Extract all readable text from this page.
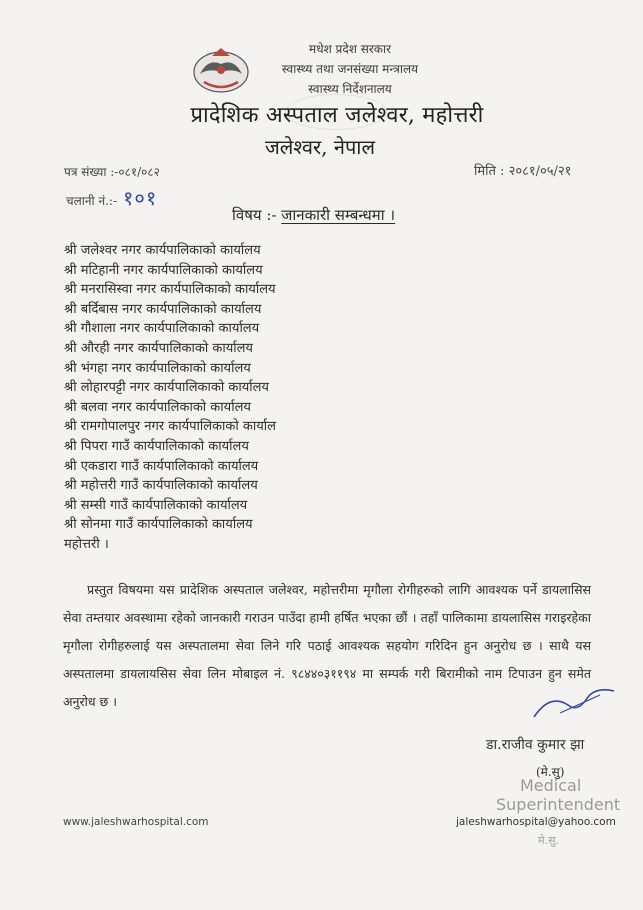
मधेश प्रदेश सरकार
स्वास्थ्य तथा जनसंख्या मन्त्रालय
स्वास्थ्य निर्देशनालय
प्रादेशिक अस्पताल जलेश्वर, महोत्तरी
जलेश्वर, नेपाल
पत्र संख्या :-०८१/०८२
चलानी नं.:- १०१
मिति : २०८१/०५/२१
विषय :- जानकारी सम्बन्धमा ।
श्री जलेश्वर नगर कार्यपालिकाको कार्यालय
श्री मटिहानी नगर कार्यपालिकाको कार्यालय
श्री मनरासिस्वा नगर कार्यपालिकाको कार्यालय
श्री बर्दिबास नगर कार्यपालिकाको कार्यालय
श्री गौशाला नगर कार्यपालिकाको कार्यालय
श्री औरही नगर कार्यपालिकाको कार्यालय
श्री भंगहा नगर कार्यपालिकाको कार्यालय
श्री लोहारपट्टी नगर कार्यपालिकाको कार्यालय
श्री बलवा नगर कार्यपालिकाको कार्यालय
श्री रामगोपालपुर नगर कार्यपालिकाको कार्याल
श्री पिपरा गाउँ कार्यपालिकाको कार्यालय
श्री एकडारा गाउँ कार्यपालिकाको कार्यालय
श्री महोत्तरी गाउँ कार्यपालिकाको कार्यालय
श्री सम्सी गाउँ कार्यपालिकाको कार्यालय
श्री सोनमा गाउँ कार्यपालिकाको कार्यालय
महोत्तरी ।

प्रस्तुत विषयमा यस प्रादेशिक अस्पताल जलेश्वर, महोत्तरीमा मृगौला रोगीहरुको लागि आवश्यक पर्ने डायलासिस सेवा तम्तयार अवस्थामा रहेको जानकारी गराउन पाउँदा हामी हर्षित भएका छौं । तहाँ पालिकामा डायलासिस गराइरहेका मृगौला रोगीहरुलाई यस अस्पतालमा सेवा लिने गरि पठाई आवश्यक सहयोग गरिदिन हुन अनुरोध छ । साथै यस अस्पतालमा डायलायसिस सेवा लिन मोबाइल नं. ९८४४०३११९४ मा सम्पर्क गरी बिरामीको नाम टिपाउन हुन समेत अनुरोध छ ।

डा.राजीव कुमार झा
(मे.सु)
Medical
Superintendent
मे.सु.
www.jaleshwarhospital.com	jaleshwarhospital@yahoo.com
